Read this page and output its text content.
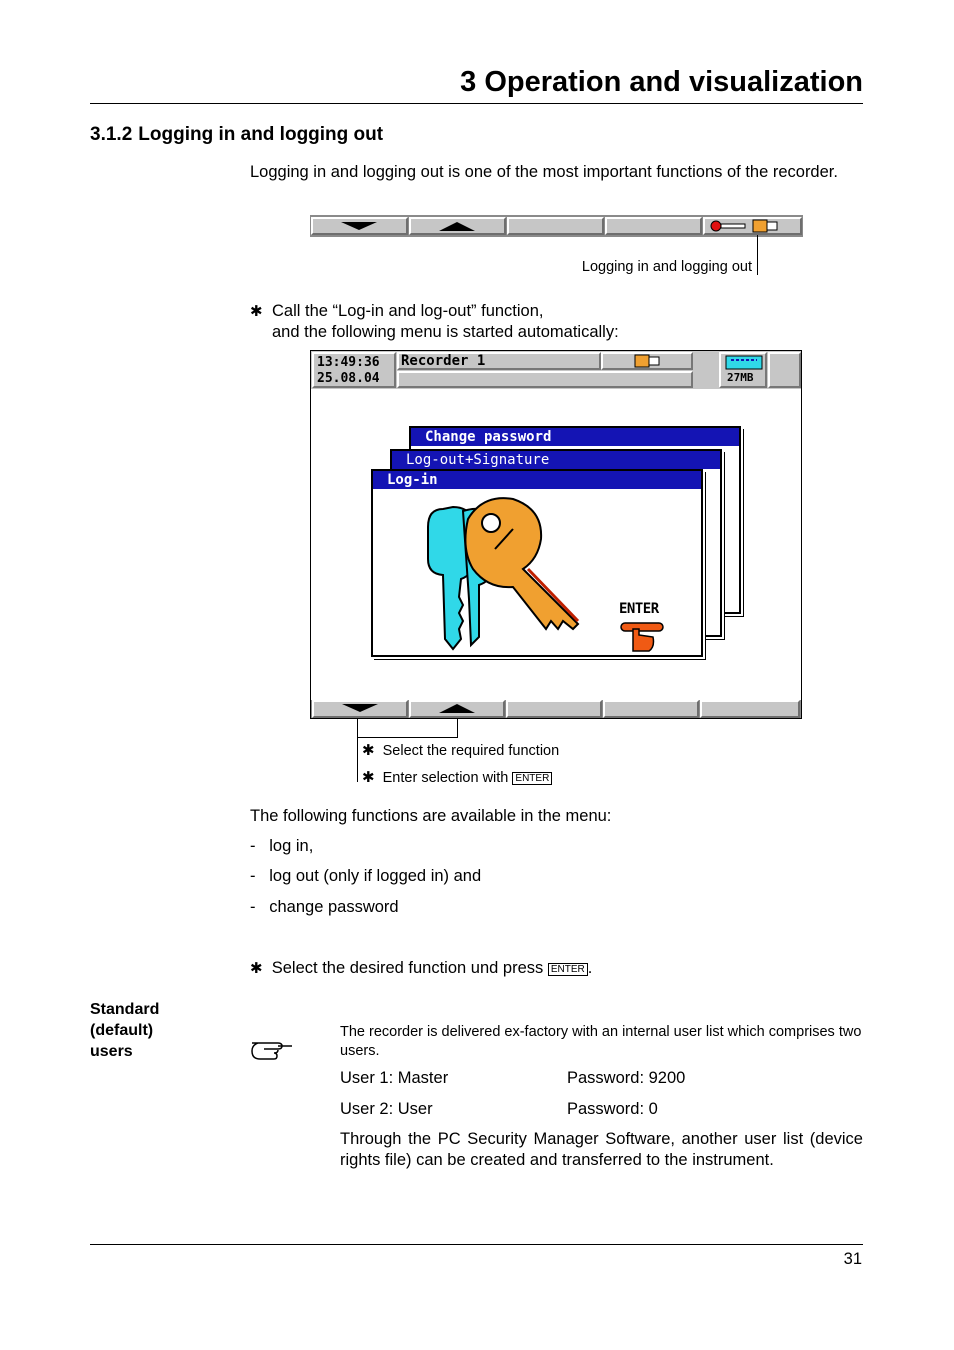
3 Operation and visualization
3.1.2 Logging in and logging out
Logging in and logging out is one of the most important functions of the recorder.
Logging in and logging out
✱ Call the “Log-in and log-out” function,
and the following menu is started automatically:
13:49:36
25.08.04
Recorder 1
27MB
Change password
Log-out+Signature
Log-in
ENTER
✱ Select the required function
✱ Enter selection with ENTER
The following functions are available in the menu:
-   log in,
-   log out (only if logged in) and
-   change password
✱ Select the desired function und press ENTER .
Standard
(default)
users
The recorder is delivered ex-factory with an internal user list which comprises two users.
User 1: Master	Password: 9200
User 2: User	Password: 0
Through the PC Security Manager Software, another user list (device rights file) can be created and transferred to the instrument.
31
